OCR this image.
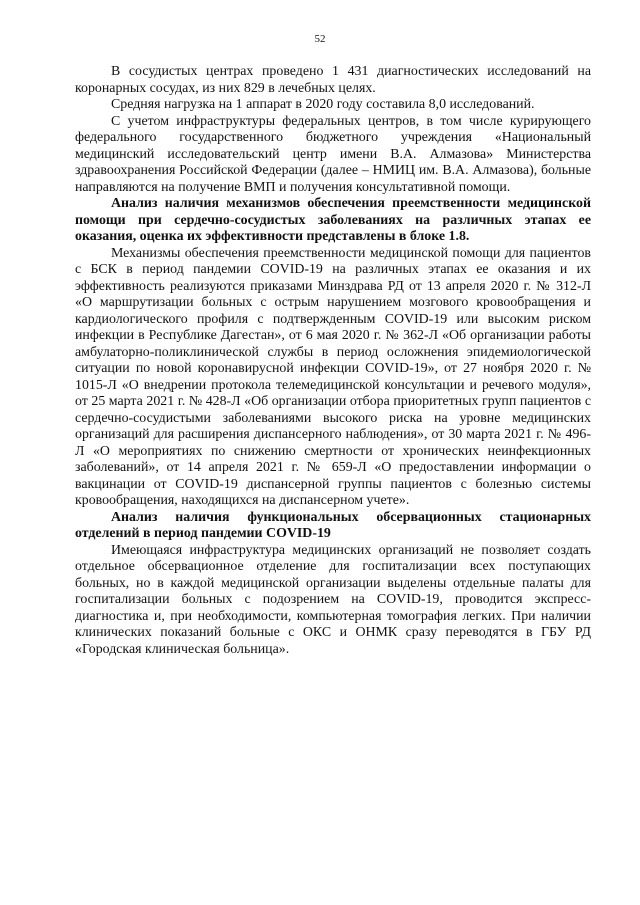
52

В сосудистых центрах проведено 1 431 диагностических исследований на коронарных сосудах, из них 829 в лечебных целях.

Средняя нагрузка на 1 аппарат в 2020 году составила 8,0 исследований.

С учетом инфраструктуры федеральных центров, в том числе курирующего федерального государственного бюджетного учреждения «Национальный медицинский исследовательский центр имени В.А. Алмазова» Министерства здравоохранения Российской Федерации (далее – НМИЦ им. В.А. Алмазова), больные направляются на получение ВМП и получения консультативной помощи.

Анализ наличия механизмов обеспечения преемственности медицинской помощи при сердечно-сосудистых заболеваниях на различных этапах ее оказания, оценка их эффективности представлены в блоке 1.8.

Механизмы обеспечения преемственности медицинской помощи для пациентов с БСК в период пандемии COVID-19 на различных этапах ее оказания и их эффективность реализуются приказами Минздрава РД от 13 апреля 2020 г. № 312-Л «О маршрутизации больных с острым нарушением мозгового кровообращения и кардиологического профиля с подтвержденным COVID-19 или высоким риском инфекции в Республике Дагестан», от 6 мая 2020 г. № 362-Л «Об организации работы амбулаторно-поликлинической службы в период осложнения эпидемиологической ситуации по новой коронавирусной инфекции COVID-19», от 27 ноября 2020 г. № 1015-Л «О внедрении протокола телемедицинской консультации и речевого модуля», от 25 марта 2021 г. № 428-Л «Об организации отбора приоритетных групп пациентов с сердечно-сосудистыми заболеваниями высокого риска на уровне медицинских организаций для расширения диспансерного наблюдения», от 30 марта 2021 г. № 496-Л «О мероприятиях по снижению смертности от хронических неинфекционных заболеваний», от 14 апреля 2021 г. № 659-Л «О предоставлении информации о вакцинации от COVID-19 диспансерной группы пациентов с болезнью системы кровообращения, находящихся на диспансерном учете».

Анализ наличия функциональных обсервационных стационарных отделений в период пандемии COVID-19

Имеющаяся инфраструктура медицинских организаций не позволяет создать отдельное обсервационное отделение для госпитализации всех поступающих больных, но в каждой медицинской организации выделены отдельные палаты для госпитализации больных с подозрением на COVID-19, проводится экспресс-диагностика и, при необходимости, компьютерная томография легких. При наличии клинических показаний больные с ОКС и ОНМК сразу переводятся в ГБУ РД «Городская клиническая больница».
